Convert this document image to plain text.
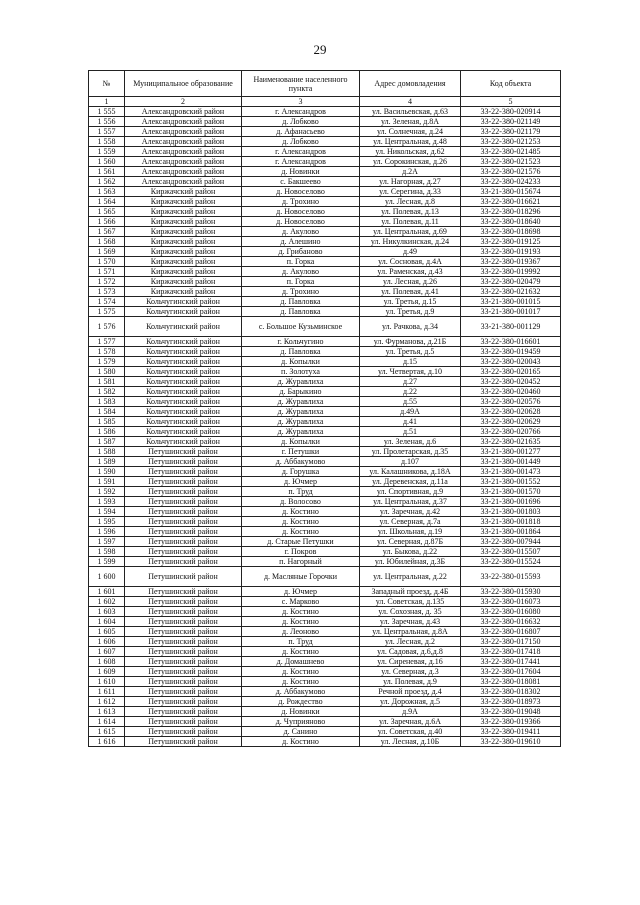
29
№	Муниципальное образование	Наименование населенного пункта	Адрес домовладения	Код объекта
1	2	3	4	5
1 555	Александровский район	г. Александров	ул. Васильевская, д.63	33-22-380-020914
1 556	Александровский район	д. Лобково	ул. Зеленая, д.8А	33-22-380-021149
1 557	Александровский район	д. Афанасьево	ул. Солнечная, д.24	33-22-380-021179
1 558	Александровский район	д. Лобково	ул. Центральная, д.48	33-22-380-021253
1 559	Александровский район	г. Александров	ул. Никольская, д.62	33-22-380-021485
1 560	Александровский район	г. Александров	ул. Сорокинская, д.26	33-22-380-021523
1 561	Александровский район	д. Новинки	д.2А	33-22-380-021576
1 562	Александровский район	с. Бакшеево	ул. Нагорная, д.27	33-22-380-024233
1 563	Киржачский район	д. Новоселово	ул. Серегина, д.33	33-21-380-015674
1 564	Киржачский район	д. Трохино	ул. Лесная, д.8	33-22-380-016621
1 565	Киржачский район	д. Новоселово	ул. Полевая, д.13	33-22-380-018296
1 566	Киржачский район	д. Новоселово	ул. Полевая, д.11	33-22-380-018640
1 567	Киржачский район	д. Акулово	ул. Центральная, д.69	33-22-380-018698
1 568	Киржачский район	д. Алешино	ул. Никулкинская, д.24	33-22-380-019125
1 569	Киржачский район	д. Грибаново	д.49	33-22-380-019193
1 570	Киржачский район	п. Горка	ул. Сосновая, д.4А	33-22-380-019367
1 571	Киржачский район	д. Акулово	ул. Раменская, д.43	33-22-380-019992
1 572	Киржачский район	п. Горка	ул. Лесная, д.26	33-22-380-020479
1 573	Киржачский район	д. Трохино	ул. Полевая, д.41	33-22-380-021632
1 574	Кольчугинский район	д. Павловка	ул. Третья, д.15	33-21-380-001015
1 575	Кольчугинский район	д. Павловка	ул. Третья, д.9	33-21-380-001017
1 576	Кольчугинский район	с. Большое Кузьминское	ул. Рачкова, д.34	33-21-380-001129
1 577	Кольчугинский район	г. Кольчугино	ул. Фурманова, д.21Б	33-22-380-016601
1 578	Кольчугинский район	д. Павловка	ул. Третья, д.5	33-22-380-019459
1 579	Кольчугинский район	д. Копылки	д.15	33-22-380-020043
1 580	Кольчугинский район	п. Золотуха	ул. Четвертая, д.10	33-22-380-020165
1 581	Кольчугинский район	д. Журавлиха	д.27	33-22-380-020452
1 582	Кольчугинский район	д. Барыкино	д.22	33-22-380-020460
1 583	Кольчугинский район	д. Журавлиха	д.55	33-22-380-020576
1 584	Кольчугинский район	д. Журавлиха	д.49А	33-22-380-020628
1 585	Кольчугинский район	д. Журавлиха	д.41	33-22-380-020629
1 586	Кольчугинский район	д. Журавлиха	д.51	33-22-380-020766
1 587	Кольчугинский район	д. Копылки	ул. Зеленая, д.6	33-22-380-021635
1 588	Петушинский район	г. Петушки	ул. Пролетарская, д.35	33-21-380-001277
1 589	Петушинский район	д. Аббакумово	д.107	33-21-380-001449
1 590	Петушинский район	д. Горушка	ул. Калашникова, д.18А	33-21-380-001473
1 591	Петушинский район	д. Ючмер	ул. Деревенская, д.11а	33-21-380-001552
1 592	Петушинский район	п. Труд	ул. Спортивная, д.9	33-21-380-001570
1 593	Петушинский район	д. Волосово	ул. Центральная, д.37	33-21-380-001696
1 594	Петушинский район	д. Костино	ул. Заречная, д.42	33-21-380-001803
1 595	Петушинский район	д. Костино	ул. Северная, д.7а	33-21-380-001818
1 596	Петушинский район	д. Костино	ул. Школьная, д.19	33-21-380-001864
1 597	Петушинский район	д. Старые Петушки	ул. Северная, д.87Б	33-22-380-007944
1 598	Петушинский район	г. Покров	ул. Быкова, д.22	33-22-380-015507
1 599	Петушинский район	п. Нагорный	ул. Юбилейная, д.3Б	33-22-380-015524
1 600	Петушинский район	д. Масляные Горочки	ул. Центральная, д.22	33-22-380-015593
1 601	Петушинский район	д. Ючмер	Западный проезд, д.4Б	33-22-380-015930
1 602	Петушинский район	с. Марково	ул. Советская, д.135	33-22-380-016073
1 603	Петушинский район	д. Костино	ул. Сохозная, д. 35	33-22-380-016080
1 604	Петушинский район	д. Костино	ул. Заречная, д.43	33-22-380-016632
1 605	Петушинский район	д. Леоново	ул. Центральная, д.8А	33-22-380-016807
1 606	Петушинский район	п. Труд	ул. Лесная, д.2	33-22-380-017150
1 607	Петушинский район	д. Костино	ул. Садовая, д.6,д.8	33-22-380-017418
1 608	Петушинский район	д. Домашнево	ул. Сиреневая, д.16	33-22-380-017441
1 609	Петушинский район	д. Костино	ул. Северная, д.3	33-22-380-017604
1 610	Петушинский район	д. Костино	ул. Полевая, д.9	33-22-380-018081
1 611	Петушинский район	д. Аббакумово	Речной проезд, д.4	33-22-380-018302
1 612	Петушинский район	д. Рождество	ул. Дорожная, д.5	33-22-380-018973
1 613	Петушинский район	д. Новинки	д.9А	33-22-380-019048
1 614	Петушинский район	д. Чуприяново	ул. Заречная, д.6А	33-22-380-019366
1 615	Петушинский район	д. Санино	ул. Советская, д.40	33-22-380-019411
1 616	Петушинский район	д. Костино	ул. Лесная, д.10Б	33-22-380-019610
